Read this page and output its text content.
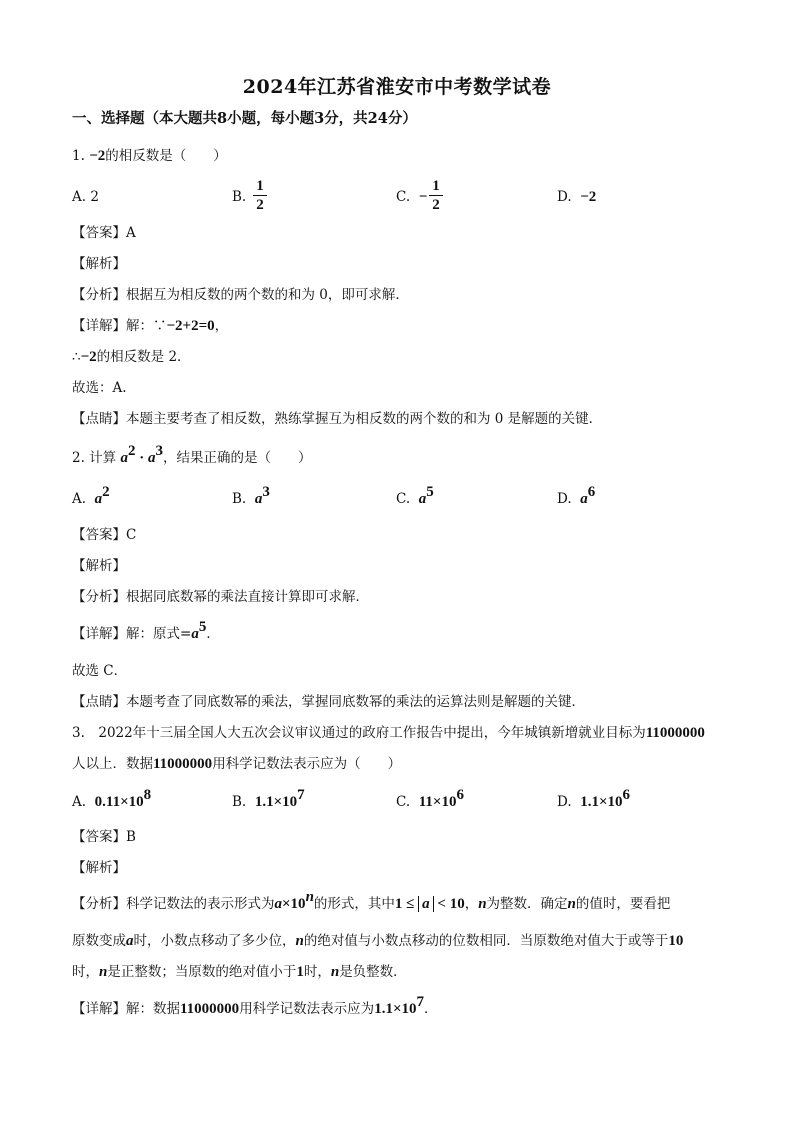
2024年江苏省淮安市中考数学试卷
一、选择题（本大题共8小题，每小题3分，共24分）
1. −2的相反数是（　　）
A. 2	B.
1
2	C. −
1
2	D. −2
【答案】A
【解析】
【分析】根据互为相反数的两个数的和为 0，即可求解．
【详解】解：∵−2+2=0，
∴−2的相反数是 2．
故选：A.
【点睛】本题主要考查了相反数，熟练掌握互为相反数的两个数的和为 0 是解题的关键．
2. 计算 $a^2 \cdot a^3$，结果正确的是（　　）
A. $a^2$	B. $a^3$	C. $a^5$	D. $a^6$
【答案】C
【解析】
【分析】根据同底数幂的乘法直接计算即可求解．
【详解】解：原式$=a^5$．
故选 C．
【点睛】本题考查了同底数幂的乘法，掌握同底数幂的乘法的运算法则是解题的关键．
3.　2022年十三届全国人大五次会议审议通过的政府工作报告中提出，今年城镇新增就业目标为11000000
人以上．数据11000000用科学记数法表示应为（　　）
A. $0.11\times 10^8$	B. $1.1\times 10^7$	C. $11\times 10^6$	D. $1.1\times 10^6$
【答案】B
【解析】
【分析】科学记数法的表示形式为$a\times 10^n$的形式，其中1 ≤ a < 10，n为整数．确定n的值时，要看把
原数变成a时，小数点移动了多少位，n的绝对值与小数点移动的位数相同．当原数绝对值大于或等于10
时，n是正整数；当原数的绝对值小于1时，n是负整数．
【详解】解：数据11000000用科学记数法表示应为$1.1\times 10^7$．
